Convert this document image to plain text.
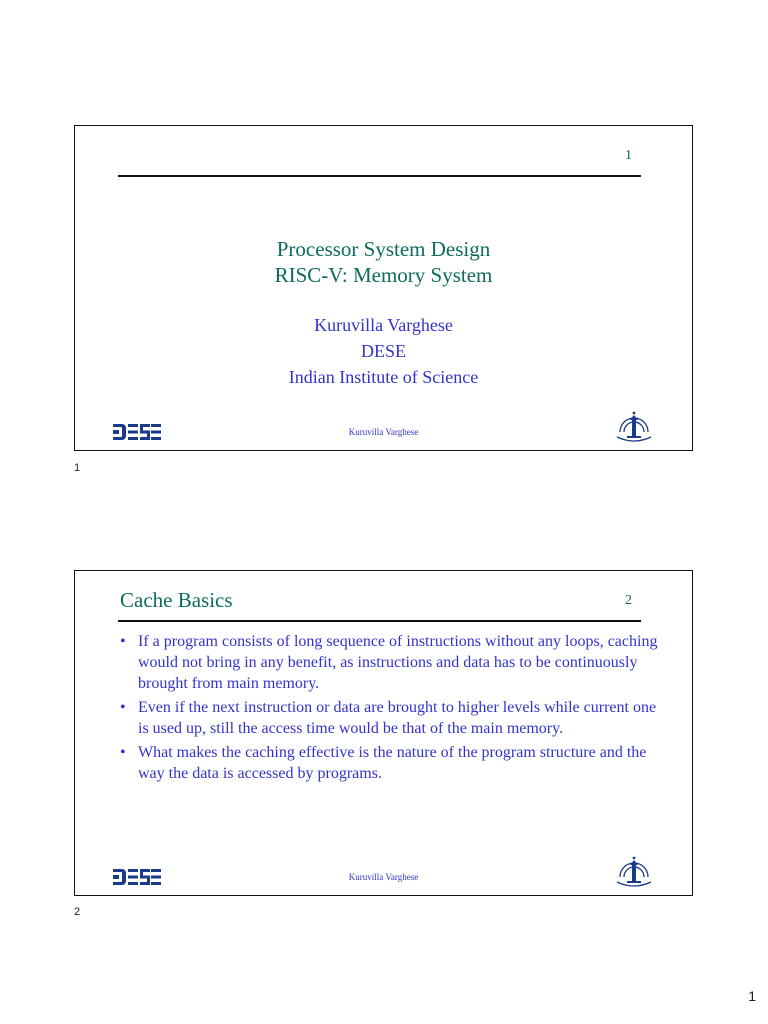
1
Processor System Design
RISC-V: Memory System
Kuruvilla Varghese
DESE
Indian Institute of Science
Kuruvilla Varghese
1
Cache Basics	2
• If a program consists of long sequence of instructions without any loops, caching would not bring in any benefit, as instructions and data has to be continuously brought from main memory.
• Even if the next instruction or data are brought to higher levels while current one is used up, still the access time would be that of the main memory.
• What makes the caching effective is the nature of the program structure and the way the data is accessed by programs.
Kuruvilla Varghese
2
1
